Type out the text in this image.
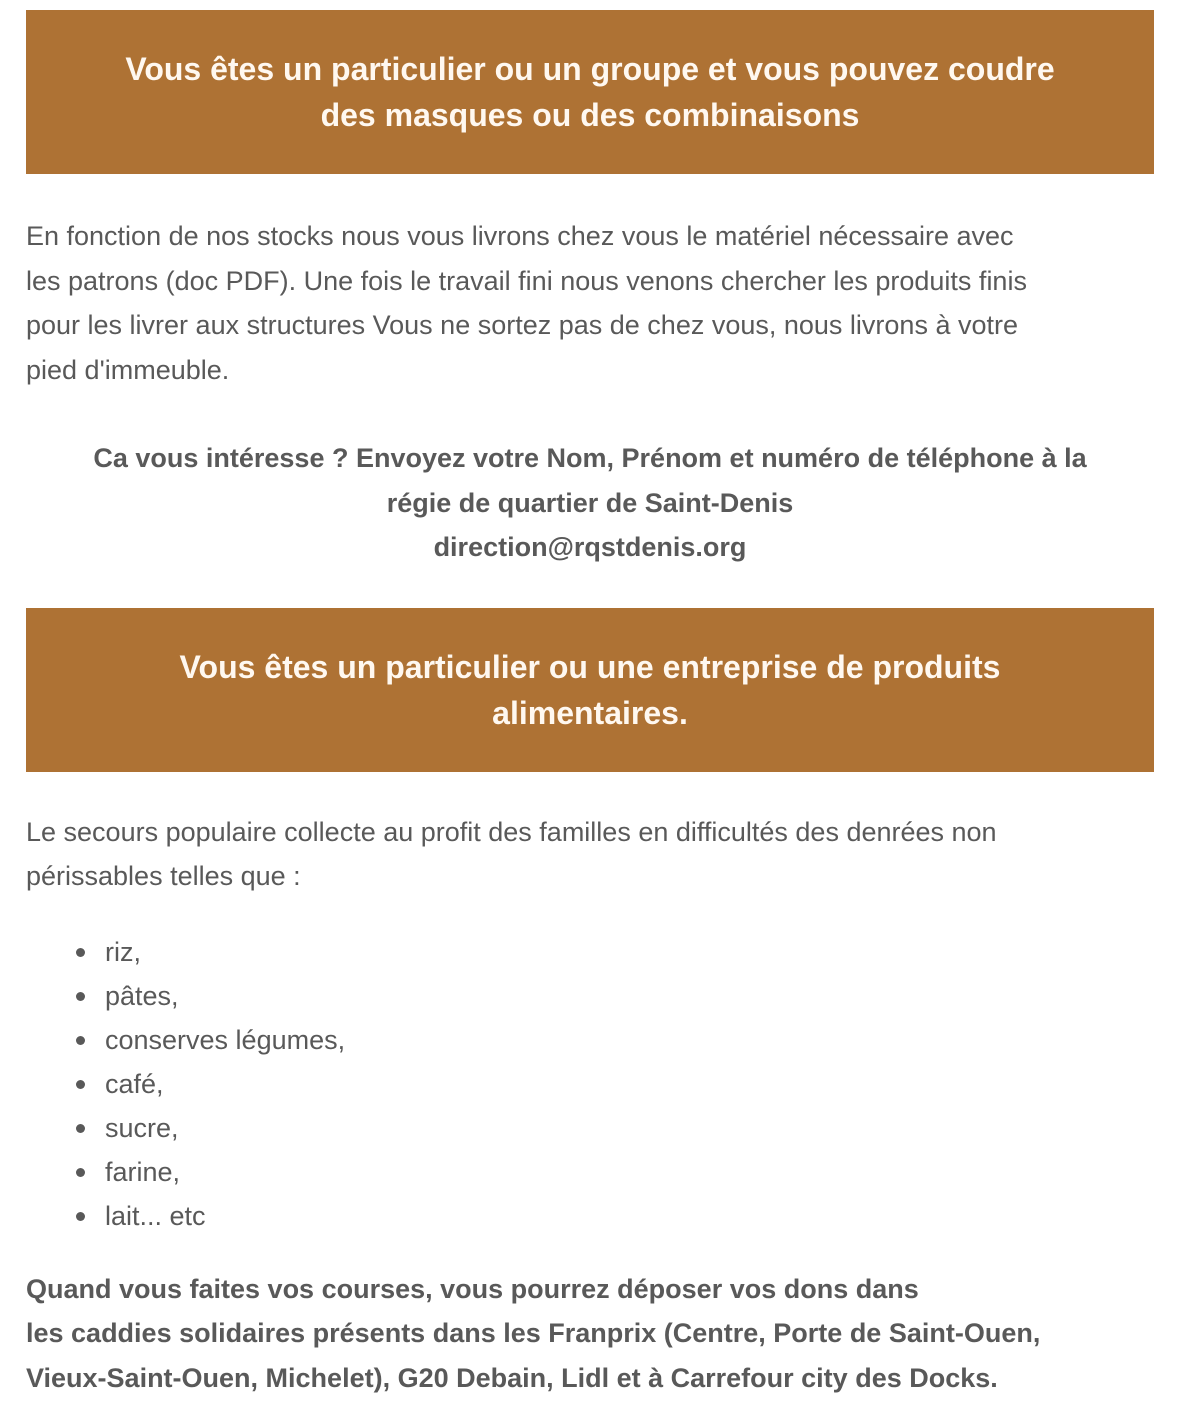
Vous êtes un particulier ou un groupe et vous pouvez coudre
des masques ou des combinaisons
En fonction de nos stocks nous vous livrons chez vous le matériel nécessaire avec
les patrons (doc PDF). Une fois le travail fini nous venons chercher les produits finis
pour les livrer aux structures Vous ne sortez pas de chez vous, nous livrons à votre
pied d'immeuble.
Ca vous intéresse ? Envoyez votre Nom, Prénom et numéro de téléphone à la
régie de quartier de Saint-Denis
direction@rqstdenis.org
Vous êtes un particulier ou une entreprise de produits
alimentaires.
Le secours populaire collecte au profit des familles en difficultés des denrées non
périssables telles que :
riz,
pâtes,
conserves légumes,
café,
sucre,
farine,
lait... etc
Quand vous faites vos courses, vous pourrez déposer vos dons dans
les caddies solidaires présents dans les Franprix (Centre, Porte de Saint-Ouen,
Vieux-Saint-Ouen, Michelet), G20 Debain, Lidl et à Carrefour city des Docks.
